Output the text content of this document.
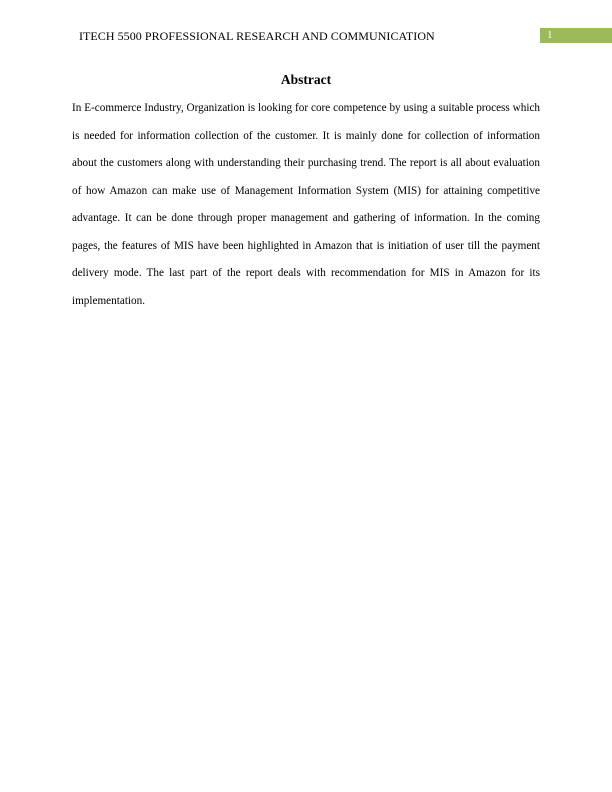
ITECH 5500 PROFESSIONAL RESEARCH AND COMMUNICATION	1
Abstract

In E-commerce Industry, Organization is looking for core competence by using a suitable process which is needed for information collection of the customer. It is mainly done for collection of information about the customers along with understanding their purchasing trend. The report is all about evaluation of how Amazon can make use of Management Information System (MIS) for attaining competitive advantage. It can be done through proper management and gathering of information. In the coming pages, the features of MIS have been highlighted in Amazon that is initiation of user till the payment delivery mode. The last part of the report deals with recommendation for MIS in Amazon for its implementation.
